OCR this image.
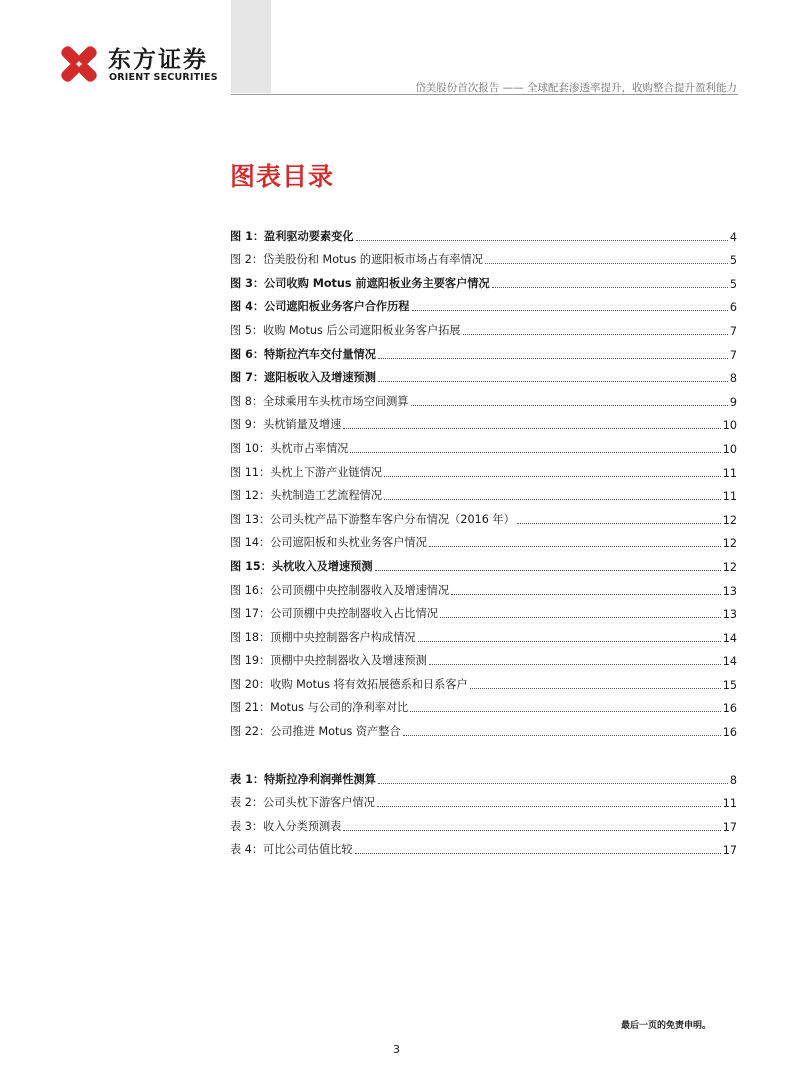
东方证券
ORIENT SECURITIES
岱美股份首次报告 —— 全球配套渗透率提升，收购整合提升盈利能力
图表目录
图 1：盈利驱动要素变化	4
图 2：岱美股份和 Motus 的遮阳板市场占有率情况	5
图 3：公司收购 Motus 前遮阳板业务主要客户情况	5
图 4：公司遮阳板业务客户合作历程	6
图 5：收购 Motus 后公司遮阳板业务客户拓展	7
图 6：特斯拉汽车交付量情况	7
图 7：遮阳板收入及增速预测	8
图 8：全球乘用车头枕市场空间测算	9
图 9：头枕销量及增速	10
图 10：头枕市占率情况	10
图 11：头枕上下游产业链情况	11
图 12：头枕制造工艺流程情况	11
图 13：公司头枕产品下游整车客户分布情况（2016 年）	12
图 14：公司遮阳板和头枕业务客户情况	12
图 15：头枕收入及增速预测	12
图 16：公司顶棚中央控制器收入及增速情况	13
图 17：公司顶棚中央控制器收入占比情况	13
图 18：顶棚中央控制器客户构成情况	14
图 19：顶棚中央控制器收入及增速预测	14
图 20：收购 Motus 将有效拓展德系和日系客户	15
图 21：Motus 与公司的净利率对比	16
图 22：公司推进 Motus 资产整合	16
表 1：特斯拉净利润弹性测算	8
表 2：公司头枕下游客户情况	11
表 3：收入分类预测表	17
表 4：可比公司估值比较	17
最后一页的免责申明。
3
